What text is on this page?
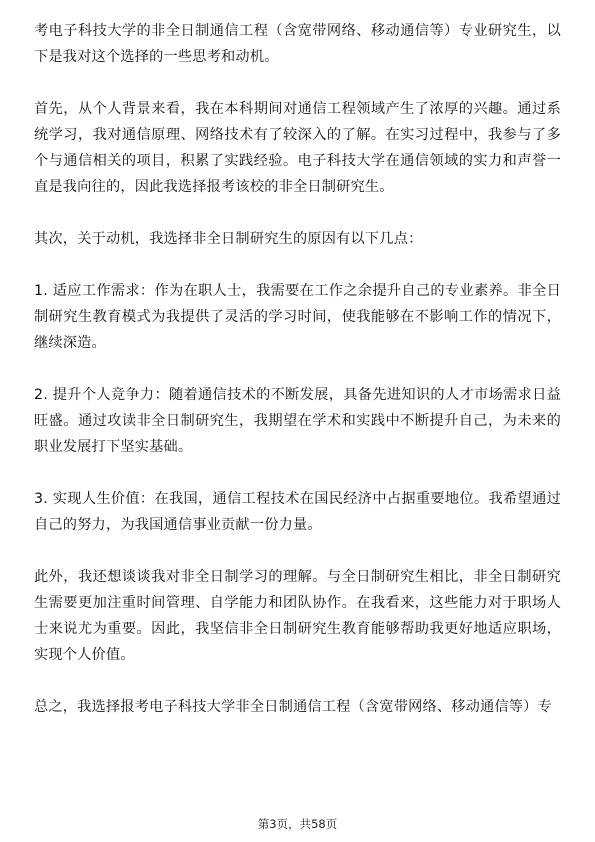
考电子科技大学的非全日制通信工程（含宽带网络、移动通信等）专业研究生，以下是我对这个选择的一些思考和动机。

首先，从个人背景来看，我在本科期间对通信工程领域产生了浓厚的兴趣。通过系统学习，我对通信原理、网络技术有了较深入的了解。在实习过程中，我参与了多个与通信相关的项目，积累了实践经验。电子科技大学在通信领域的实力和声誉一直是我向往的，因此我选择报考该校的非全日制研究生。

其次，关于动机，我选择非全日制研究生的原因有以下几点：

1. 适应工作需求：作为在职人士，我需要在工作之余提升自己的专业素养。非全日制研究生教育模式为我提供了灵活的学习时间，使我能够在不影响工作的情况下，继续深造。

2. 提升个人竞争力：随着通信技术的不断发展，具备先进知识的人才市场需求日益旺盛。通过攻读非全日制研究生，我期望在学术和实践中不断提升自己，为未来的职业发展打下坚实基础。

3. 实现人生价值：在我国，通信工程技术在国民经济中占据重要地位。我希望通过自己的努力，为我国通信事业贡献一份力量。

此外，我还想谈谈我对非全日制学习的理解。与全日制研究生相比，非全日制研究生需要更加注重时间管理、自学能力和团队协作。在我看来，这些能力对于职场人士来说尤为重要。因此，我坚信非全日制研究生教育能够帮助我更好地适应职场，实现个人价值。

总之，我选择报考电子科技大学非全日制通信工程（含宽带网络、移动通信等）专

第3页，共58页
